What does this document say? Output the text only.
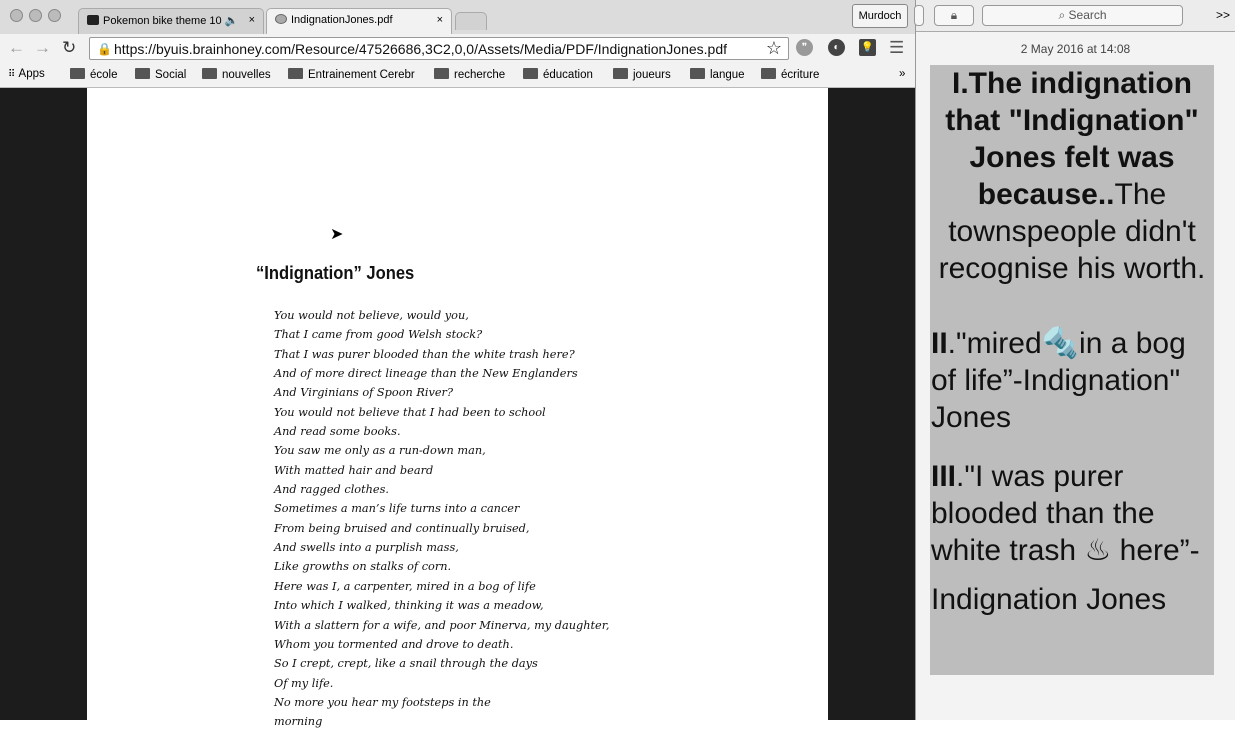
Pokemon bike theme 10 🔈 ×	IndignationJones.pdf	×	Murdoch
← → ↻ 🔒 https://byuis.brainhoney.com/Resource/47526686,3C2,0,0/Assets/Media/PDF/IndignationJones.pdf ☆	❞	◐	💡 ☰
⠿ Apps	école	Social	nouvelles	Entrainement Cerebr	recherche	éducation	joueurs	langue	écriture	»
“Indignation” Jones
You would not believe, would you,
That I came from good Welsh stock?
That I was purer blooded than the white trash here?
And of more direct lineage than the New Englanders
And Virginians of Spoon River?
You would not believe that I had been to school
And read some books.
You saw me only as a run-down man,
With matted hair and beard
And ragged clothes.
Sometimes a man’s life turns into a cancer
From being bruised and continually bruised,
And swells into a purplish mass,
Like growths on stalks of corn.
Here was I, a carpenter, mired in a bog of life
Into which I walked, thinking it was a meadow,
With a slattern for a wife, and poor Minerva, my daughter,
Whom you tormented and drove to death.
So I crept, crept, like a snail through the days
Of my life.
No more you hear my footsteps in the
morning
➤
🔒︎	⌕ Search	>>
2 May 2016 at 14:08
I.The indignation that "Indignation" Jones felt was because..The townspeople didn't recognise his worth.
II."mired🔩in a bog of life”-Indignation" Jones
III."I was purer blooded than the white trash ♨ here”-
Indignation Jones
